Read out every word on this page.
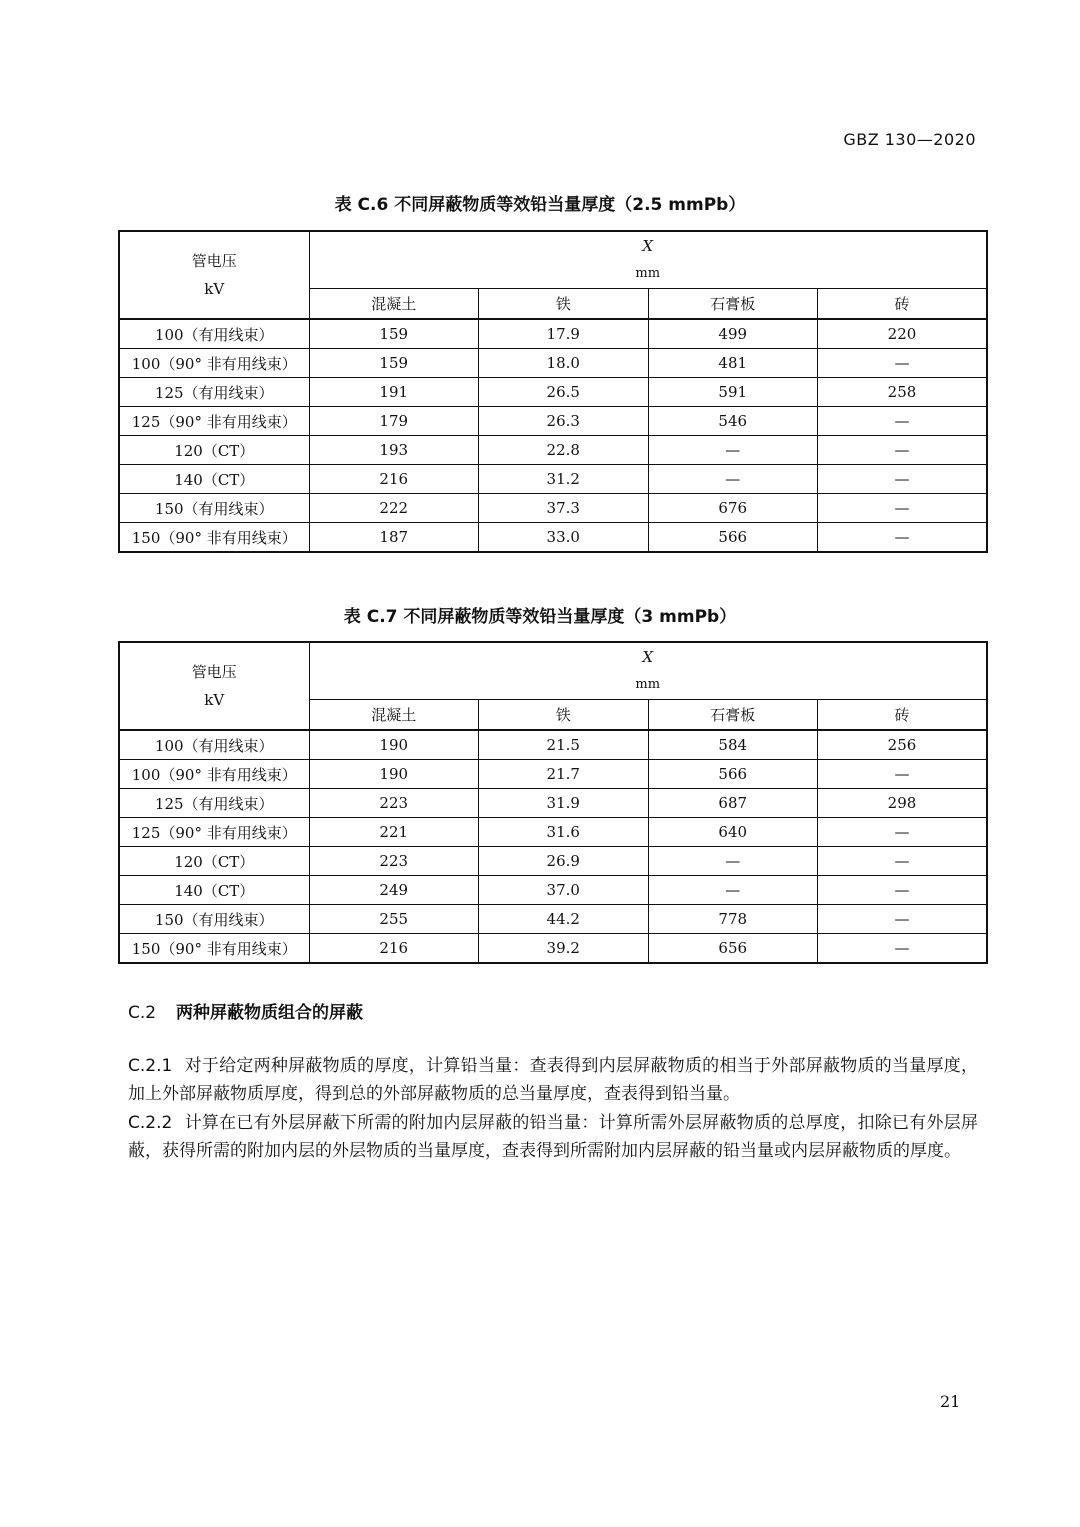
GBZ 130—2020
表 C.6 不同屏蔽物质等效铅当量厚度（2.5 mmPb）
管电压
kV	X
mm			

	混凝土	铁	石膏板	砖
100（有用线束）	159	17.9	499	220
100（90° 非有用线束）	159	18.0	481	—
125（有用线束）	191	26.5	591	258
125（90° 非有用线束）	179	26.3	546	—
120（CT）	193	22.8	—	—
140（CT）	216	31.2	—	—
150（有用线束）	222	37.3	676	—
150（90° 非有用线束）	187	33.0	566	—
表 C.7 不同屏蔽物质等效铅当量厚度（3 mmPb）
管电压
kV	X
mm			

	混凝土	铁	石膏板	砖
100（有用线束）	190	21.5	584	256
100（90° 非有用线束）	190	21.7	566	—
125（有用线束）	223	31.9	687	298
125（90° 非有用线束）	221	31.6	640	—
120（CT）	223	26.9	—	—
140（CT）	249	37.0	—	—
150（有用线束）	255	44.2	778	—
150（90° 非有用线束）	216	39.2	656	—
C.2 两种屏蔽物质组合的屏蔽
C.2.1 对于给定两种屏蔽物质的厚度，计算铅当量：查表得到内层屏蔽物质的相当于外部屏蔽物质的当量厚度，加上外部屏蔽物质厚度，得到总的外部屏蔽物质的总当量厚度，查表得到铅当量。
C.2.2 计算在已有外层屏蔽下所需的附加内层屏蔽的铅当量：计算所需外层屏蔽物质的总厚度，扣除已有外层屏蔽，获得所需的附加内层的外层物质的当量厚度，查表得到所需附加内层屏蔽的铅当量或内层屏蔽物质的厚度。
21
